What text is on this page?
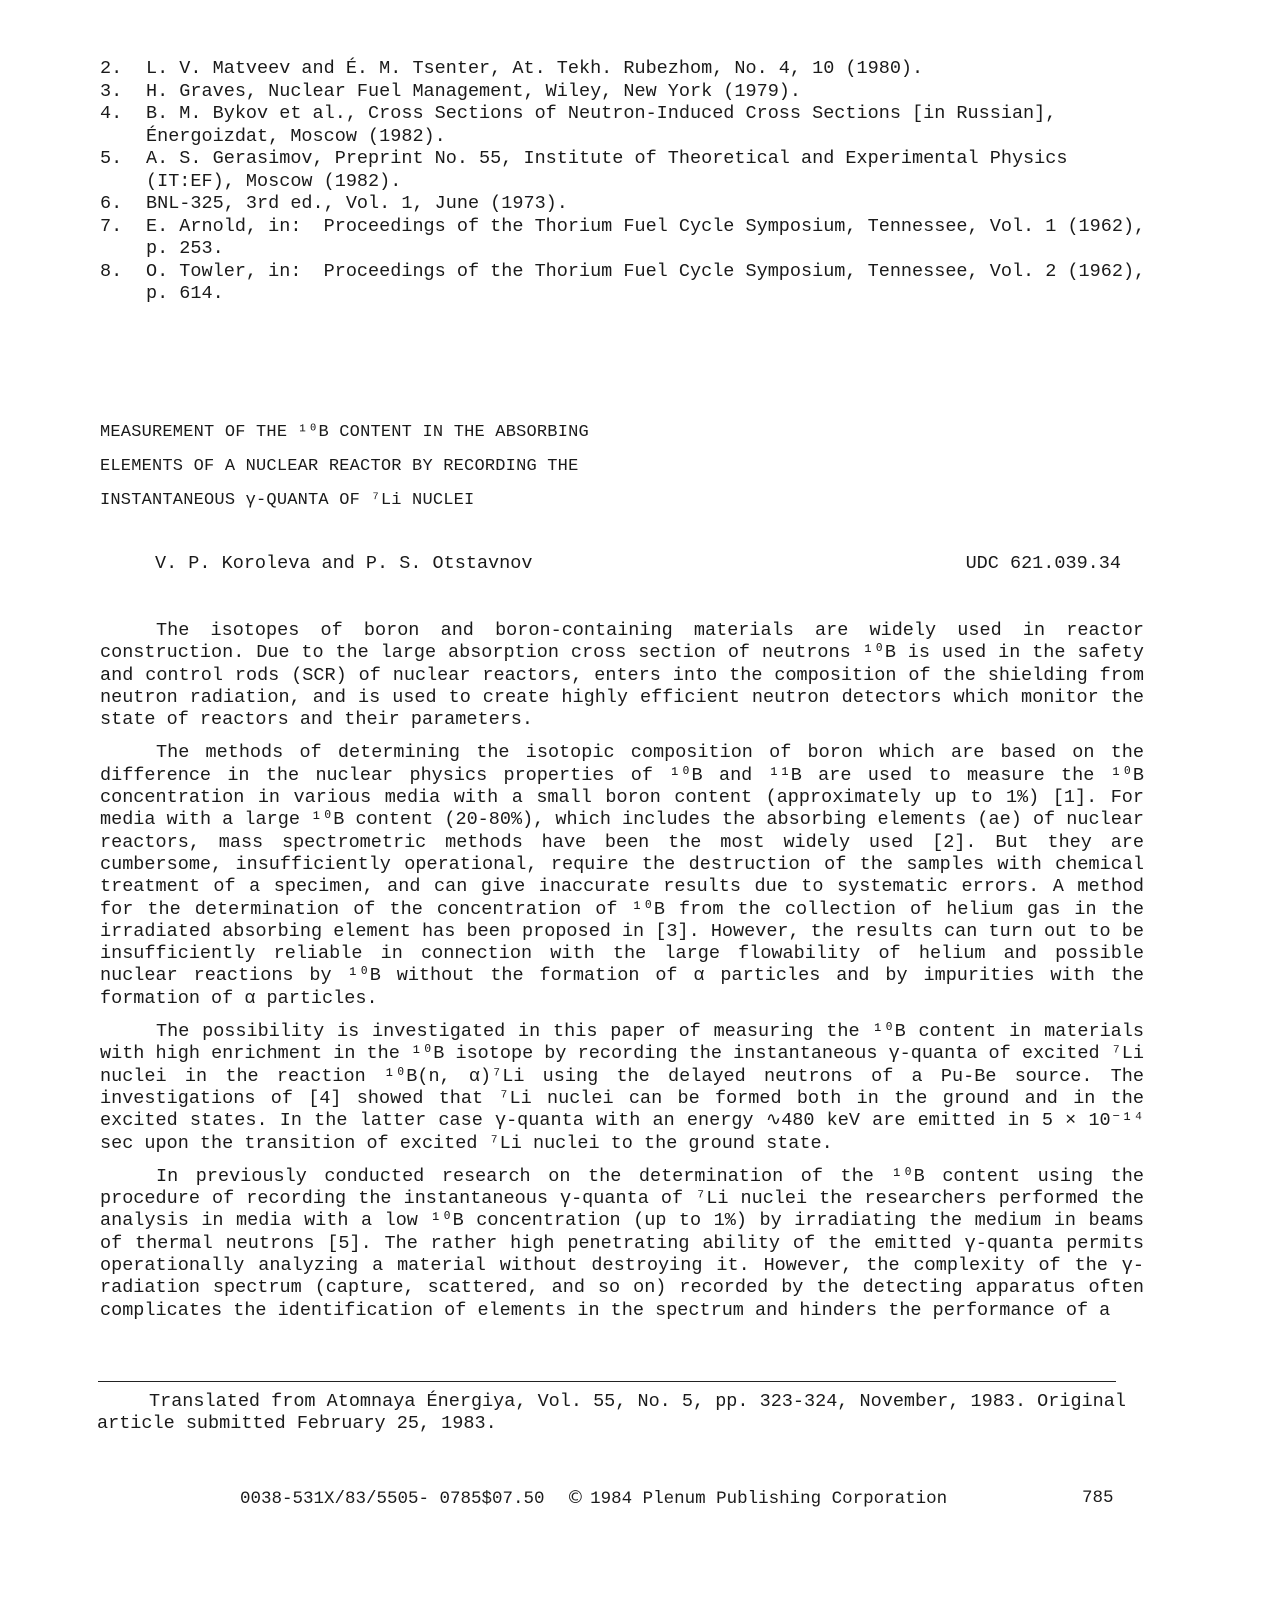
2.	L. V. Matveev and É. M. Tsenter, At. Tekh. Rubezhom, No. 4, 10 (1980).
3.	H. Graves, Nuclear Fuel Management, Wiley, New York (1979).
4.	B. M. Bykov et al., Cross Sections of Neutron-Induced Cross Sections [in Russian], Énergoizdat, Moscow (1982).
5.	A. S. Gerasimov, Preprint No. 55, Institute of Theoretical and Experimental Physics (IT:EF), Moscow (1982).
6.	BNL-325, 3rd ed., Vol. 1, June (1973).
7.	E. Arnold, in:  Proceedings of the Thorium Fuel Cycle Symposium, Tennessee, Vol. 1 (1962), p. 253.
8.	O. Towler, in:  Proceedings of the Thorium Fuel Cycle Symposium, Tennessee, Vol. 2 (1962), p. 614.
MEASUREMENT OF THE ¹⁰B CONTENT IN THE ABSORBING
ELEMENTS OF A NUCLEAR REACTOR BY RECORDING THE
INSTANTANEOUS γ-QUANTA OF ⁷Li NUCLEI
V. P. Koroleva and P. S. Otstavnov	UDC 621.039.34

The isotopes of boron and boron-containing materials are widely used in reactor construction. Due to the large absorption cross section of neutrons ¹⁰B is used in the safety and control rods (SCR) of nuclear reactors, enters into the composition of the shielding from neutron radiation, and is used to create highly efficient neutron detectors which monitor the state of reactors and their parameters.

The methods of determining the isotopic composition of boron which are based on the difference in the nuclear physics properties of ¹⁰B and ¹¹B are used to measure the ¹⁰B concentration in various media with a small boron content (approximately up to 1%) [1]. For media with a large ¹⁰B content (20-80%), which includes the absorbing elements (ae) of nuclear reactors, mass spectrometric methods have been the most widely used [2]. But they are cumbersome, insufficiently operational, require the destruction of the samples with chemical treatment of a specimen, and can give inaccurate results due to systematic errors. A method for the determination of the concentration of ¹⁰B from the collection of helium gas in the irradiated absorbing element has been proposed in [3]. However, the results can turn out to be insufficiently reliable in connection with the large flowability of helium and possible nuclear reactions by ¹⁰B without the formation of α particles and by impurities with the formation of α particles.

The possibility is investigated in this paper of measuring the ¹⁰B content in materials with high enrichment in the ¹⁰B isotope by recording the instantaneous γ-quanta of excited ⁷Li nuclei in the reaction ¹⁰B(n, α)⁷Li using the delayed neutrons of a Pu-Be source. The investigations of [4] showed that ⁷Li nuclei can be formed both in the ground and in the excited states. In the latter case γ-quanta with an energy ∿480 keV are emitted in 5 × 10⁻¹⁴ sec upon the transition of excited ⁷Li nuclei to the ground state.

In previously conducted research on the determination of the ¹⁰B content using the procedure of recording the instantaneous γ-quanta of ⁷Li nuclei the researchers performed the analysis in media with a low ¹⁰B concentration (up to 1%) by irradiating the medium in beams of thermal neutrons [5]. The rather high penetrating ability of the emitted γ-quanta permits operationally analyzing a material without destroying it. However, the complexity of the γ-radiation spectrum (capture, scattered, and so on) recorded by the detecting apparatus often complicates the identification of elements in the spectrum and hinders the performance of a

Translated from Atomnaya Énergiya, Vol. 55, No. 5, pp. 323-324, November, 1983. Original article submitted February 25, 1983.

0038-531X/83/5505- 0785$07.50 © 1984 Plenum Publishing Corporation	785
